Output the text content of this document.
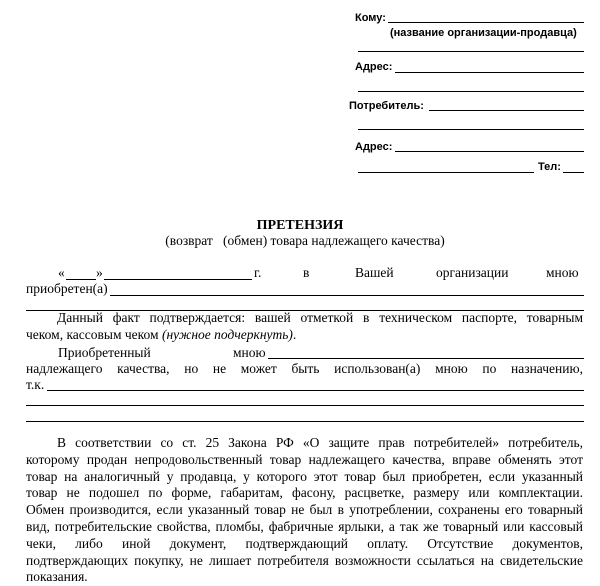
Кому:
(название организации-продавца)
Адрес:
Потребитель:
Адрес:
Тел:
ПРЕТЕНЗИЯ
(возврат   (обмен) товара надлежащего качества)
« »	г.	в	Вашей	организации	мною
приобретен(а)
Данный факт подтверждается: вашей отметкой в техническом паспорте, товарным
чеком, кассовым чеком (нужное подчеркнуть).
Приобретенный	мною
надлежащего качества, но не может быть использован(а) мною по назначению,
т.к.
В соответствии со ст. 25 Закона РФ «О защите прав потребителей» потребитель,
которому продан непродовольственный товар надлежащего качества, вправе обменять этот
товар на аналогичный у продавца, у которого этот товар был приобретен, если указанный
товар не подошел по форме, габаритам, фасону, расцветке, размеру или комплектации.
Обмен производится, если указанный товар не был в употреблении, сохранены его товарный
вид, потребительские свойства, пломбы, фабричные ярлыки, а так же товарный или кассовый
чеки, либо иной документ, подтверждающий оплату. Отсутствие документов,
подтверждающих покупку, не лишает потребителя возможности ссылаться на свидетельские
показания.
